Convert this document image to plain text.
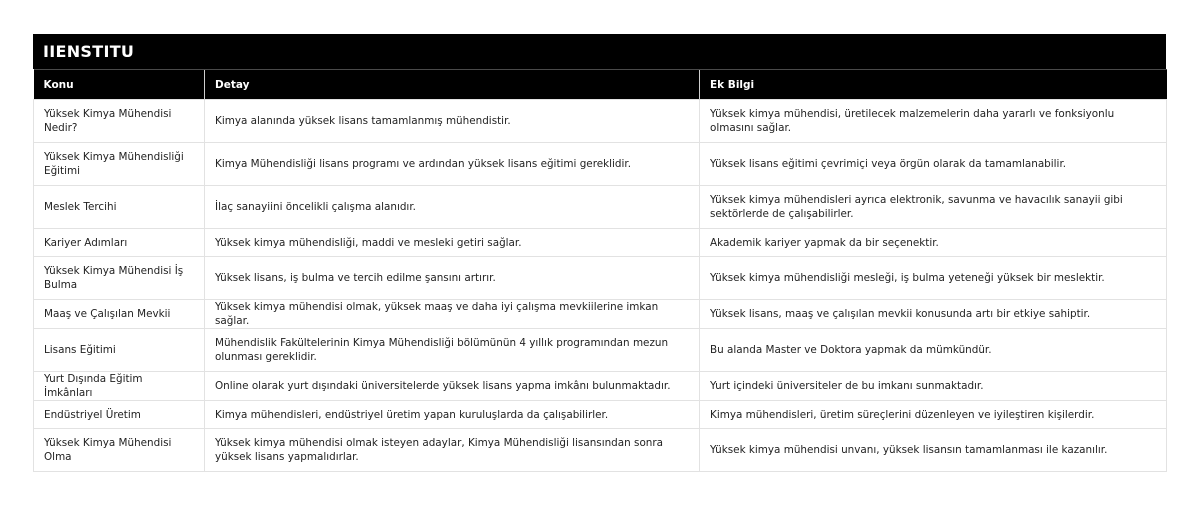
IIENSTITU
Konu	Detay	Ek Bilgi
Yüksek Kimya Mühendisi Nedir?	Kimya alanında yüksek lisans tamamlanmış mühendistir.	Yüksek kimya mühendisi, üretilecek malzemelerin daha yararlı ve fonksiyonlu olmasını sağlar.
Yüksek Kimya Mühendisliği Eğitimi	Kimya Mühendisliği lisans programı ve ardından yüksek lisans eğitimi gereklidir.	Yüksek lisans eğitimi çevrimiçi veya örgün olarak da tamamlanabilir.
Meslek Tercihi	İlaç sanayiini öncelikli çalışma alanıdır.	Yüksek kimya mühendisleri ayrıca elektronik, savunma ve havacılık sanayii gibi sektörlerde de çalışabilirler.
Kariyer Adımları	Yüksek kimya mühendisliği, maddi ve mesleki getiri sağlar.	Akademik kariyer yapmak da bir seçenektir.
Yüksek Kimya Mühendisi İş Bulma	Yüksek lisans, iş bulma ve tercih edilme şansını artırır.	Yüksek kimya mühendisliği mesleği, iş bulma yeteneği yüksek bir meslektir.
Maaş ve Çalışılan Mevkii	Yüksek kimya mühendisi olmak, yüksek maaş ve daha iyi çalışma mevkiilerine imkan sağlar.	Yüksek lisans, maaş ve çalışılan mevkii konusunda artı bir etkiye sahiptir.
Lisans Eğitimi	Mühendislik Fakültelerinin Kimya Mühendisliği bölümünün 4 yıllık programından mezun olunması gereklidir.	Bu alanda Master ve Doktora yapmak da mümkündür.
Yurt Dışında Eğitim İmkânları	Online olarak yurt dışındaki üniversitelerde yüksek lisans yapma imkânı bulunmaktadır.	Yurt içindeki üniversiteler de bu imkanı sunmaktadır.
Endüstriyel Üretim	Kimya mühendisleri, endüstriyel üretim yapan kuruluşlarda da çalışabilirler.	Kimya mühendisleri, üretim süreçlerini düzenleyen ve iyileştiren kişilerdir.
Yüksek Kimya Mühendisi Olma	Yüksek kimya mühendisi olmak isteyen adaylar, Kimya Mühendisliği lisansından sonra yüksek lisans yapmalıdırlar.	Yüksek kimya mühendisi unvanı, yüksek lisansın tamamlanması ile kazanılır.
